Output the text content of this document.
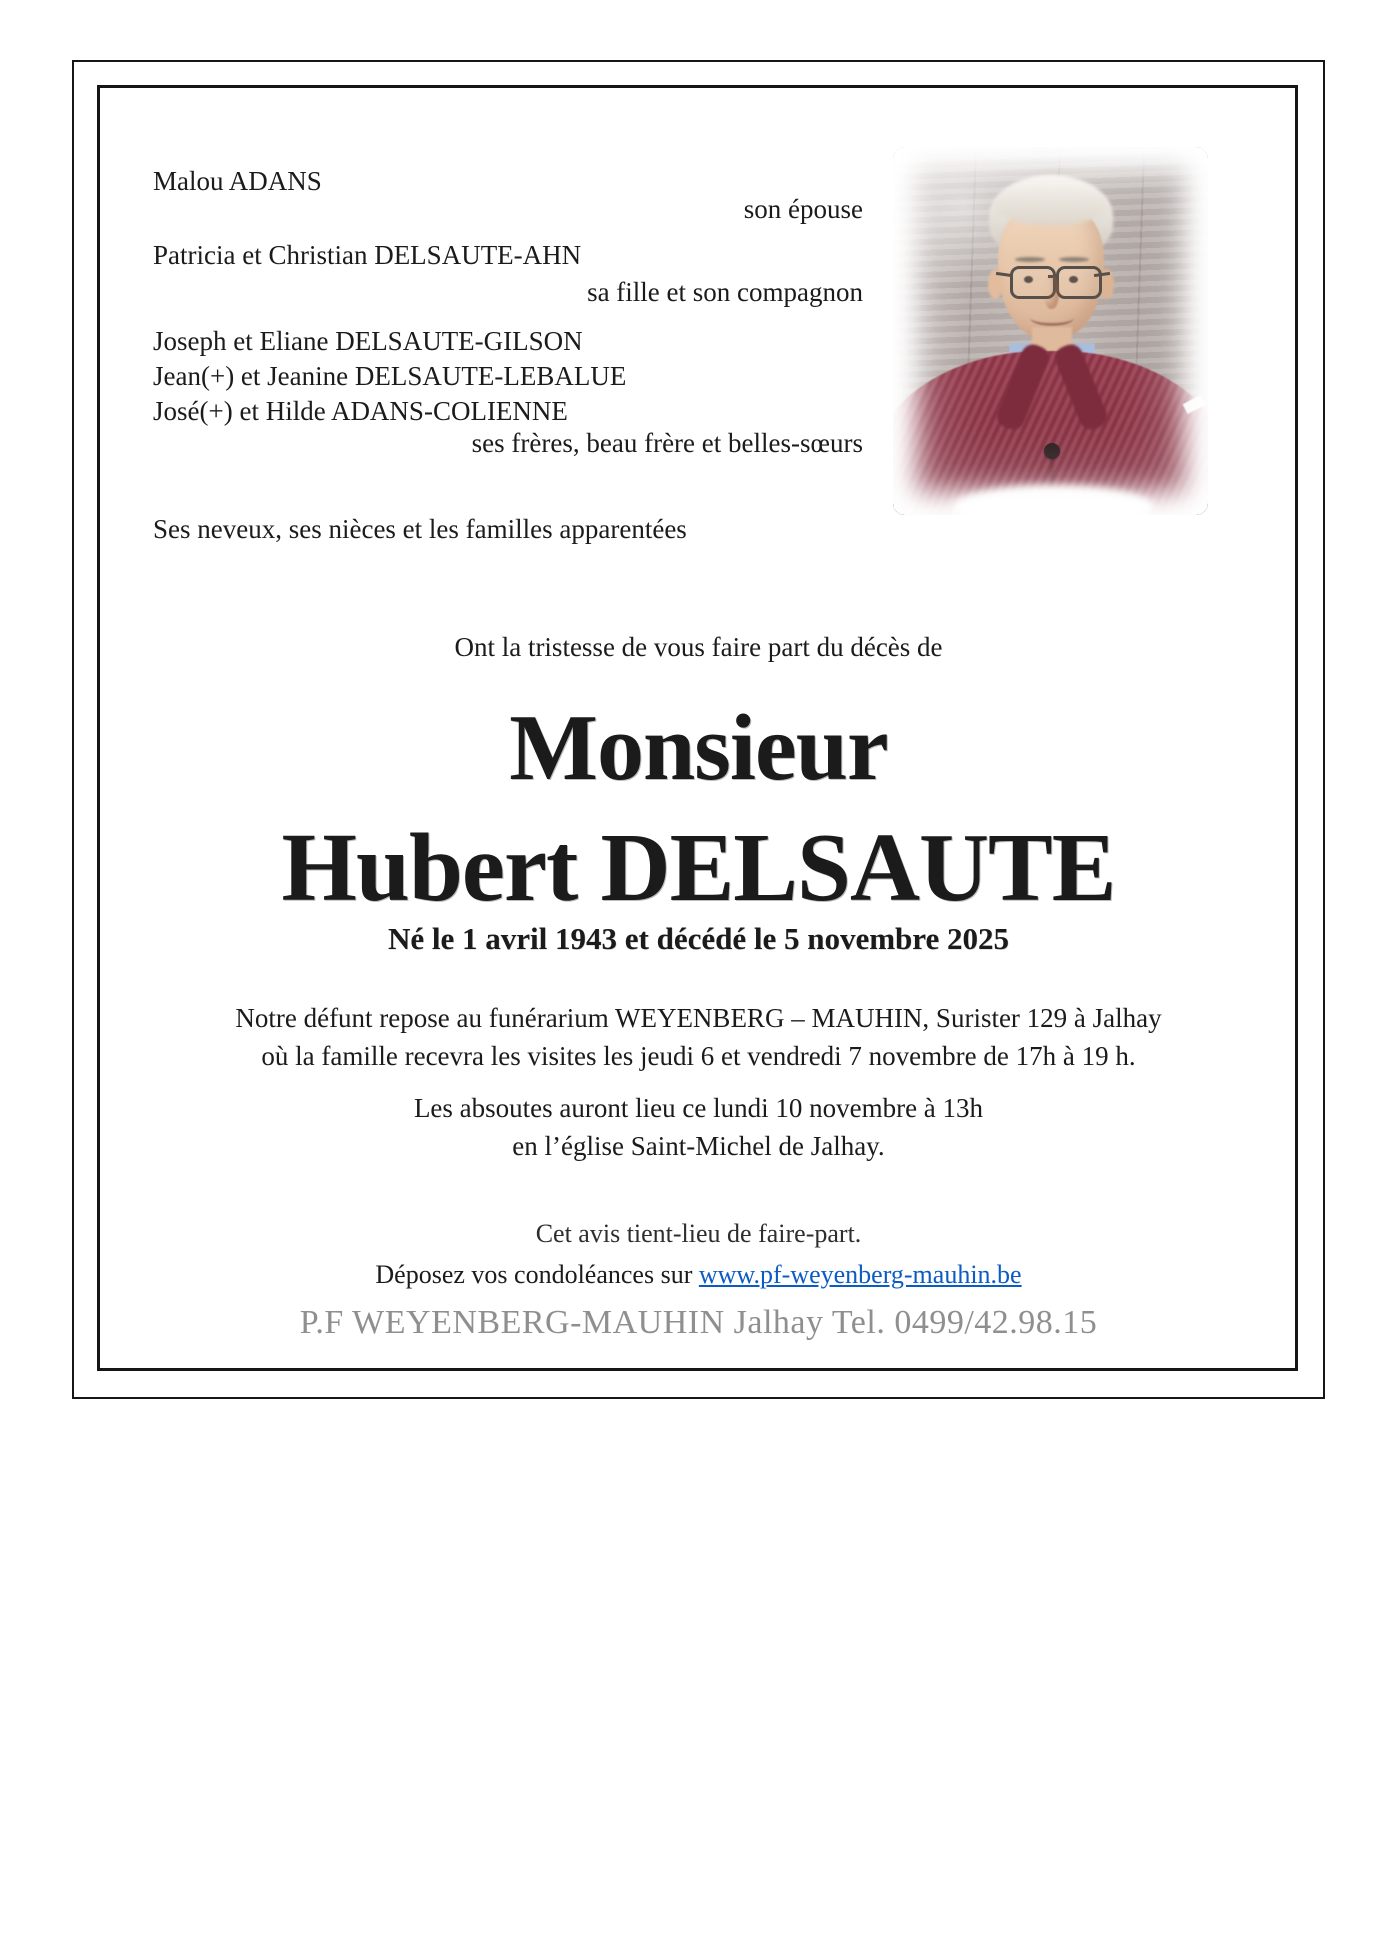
Malou ADANS
son épouse
Patricia et Christian DELSAUTE-AHN
sa fille et son compagnon
Joseph et Eliane DELSAUTE-GILSON
Jean(+) et Jeanine DELSAUTE-LEBALUE
José(+) et Hilde ADANS-COLIENNE
ses frères, beau frère et belles-sœurs
Ses neveux, ses nièces et les familles apparentées
Ont la tristesse de vous faire part du décès de
Monsieur
Hubert DELSAUTE
Né le 1 avril 1943 et décédé le 5 novembre 2025
Notre défunt repose au funérarium WEYENBERG – MAUHIN, Surister 129 à Jalhay
où la famille recevra les visites les jeudi 6 et vendredi 7 novembre de 17h à 19 h.
Les absoutes auront lieu ce lundi 10 novembre à 13h
en l’église Saint-Michel de Jalhay.
Cet avis tient-lieu de faire-part.
Déposez vos condoléances sur www.pf-weyenberg-mauhin.be
P.F WEYENBERG-MAUHIN Jalhay Tel. 0499/42.98.15
